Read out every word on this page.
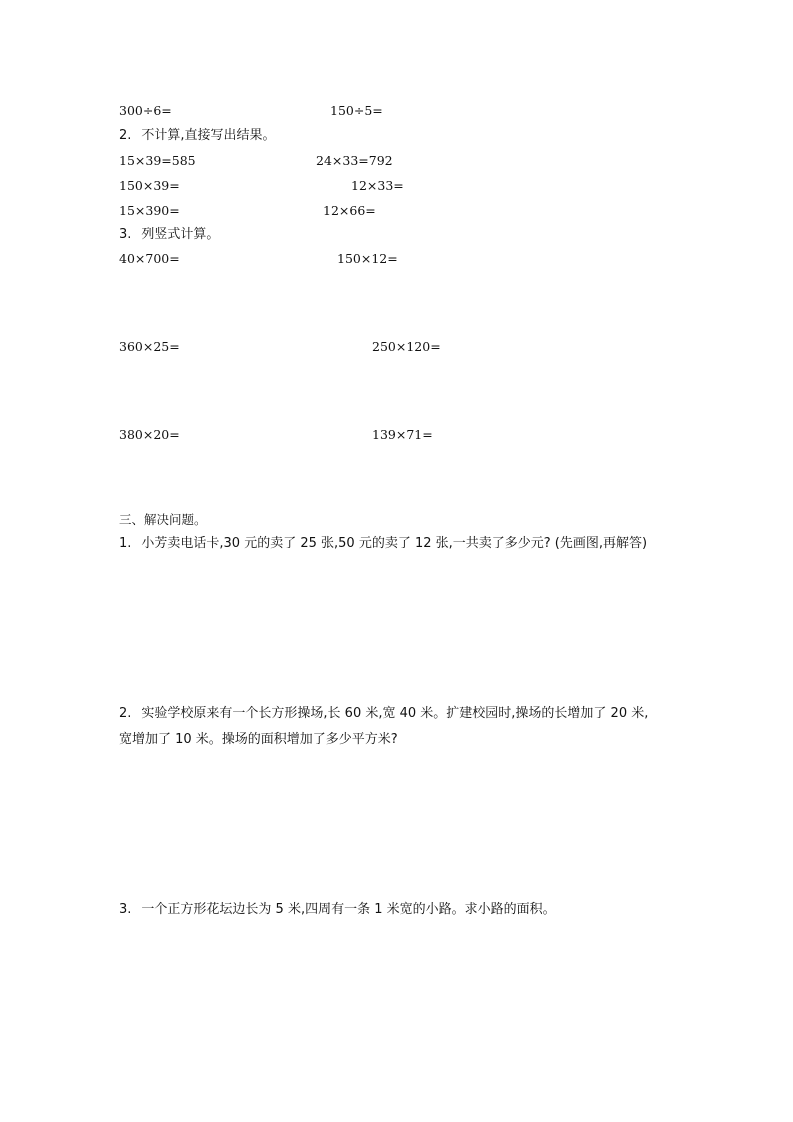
300÷6=	150÷5=
2. 不计算,直接写出结果。
15×39=585	24×33=792
150×39=	12×33=
15×390=	12×66=
3. 列竖式计算。
40×700=	150×12=
360×25=	250×120=
380×20=	139×71=
三、解决问题。
1. 小芳卖电话卡,30 元的卖了 25 张,50 元的卖了 12 张,一共卖了多少元? (先画图,再解答)
2. 实验学校原来有一个长方形操场,长 60 米,宽 40 米。扩建校园时,操场的长增加了 20 米,
宽增加了 10 米。操场的面积增加了多少平方米?
3. 一个正方形花坛边长为 5 米,四周有一条 1 米宽的小路。求小路的面积。
